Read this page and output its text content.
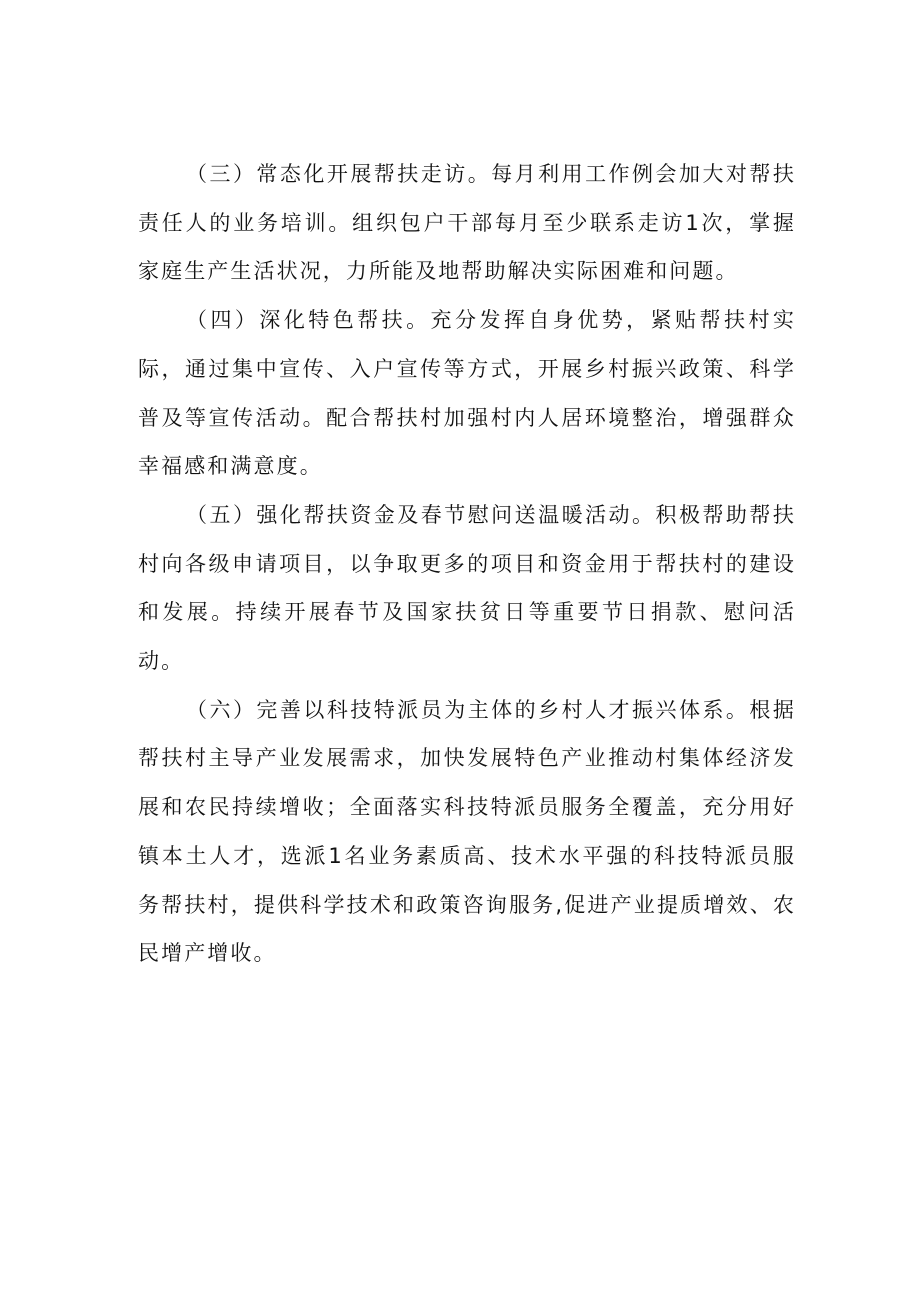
（三）常态化开展帮扶走访。每月利用工作例会加大对帮扶责任人的业务培训。组织包户干部每月至少联系走访1次，掌握家庭生产生活状况，力所能及地帮助解决实际困难和问题。

（四）深化特色帮扶。充分发挥自身优势，紧贴帮扶村实际，通过集中宣传、入户宣传等方式，开展乡村振兴政策、科学普及等宣传活动。配合帮扶村加强村内人居环境整治，增强群众幸福感和满意度。

（五）强化帮扶资金及春节慰问送温暖活动。积极帮助帮扶村向各级申请项目，以争取更多的项目和资金用于帮扶村的建设和发展。持续开展春节及国家扶贫日等重要节日捐款、慰问活动。

（六）完善以科技特派员为主体的乡村人才振兴体系。根据帮扶村主导产业发展需求，加快发展特色产业推动村集体经济发展和农民持续增收；全面落实科技特派员服务全覆盖，充分用好镇本土人才，选派1名业务素质高、技术水平强的科技特派员服务帮扶村，提供科学技术和政策咨询服务,促进产业提质增效、农民增产增收。
